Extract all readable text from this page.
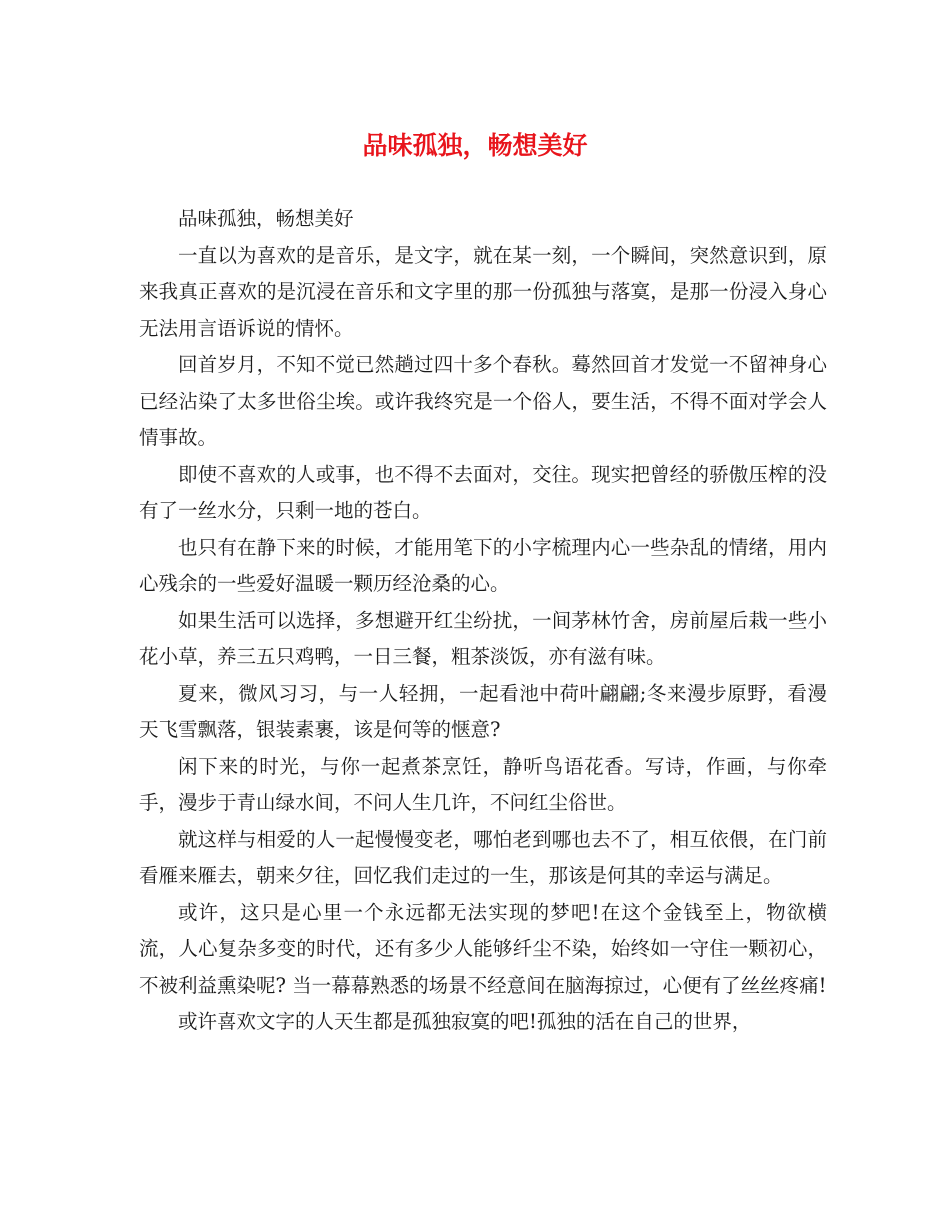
品味孤独，畅想美好

品味孤独，畅想美好

一直以为喜欢的是音乐，是文字，就在某一刻，一个瞬间，突然意识到，原来我真正喜欢的是沉浸在音乐和文字里的那一份孤独与落寞，是那一份浸入身心无法用言语诉说的情怀。

回首岁月，不知不觉已然趟过四十多个春秋。蓦然回首才发觉一不留神身心已经沾染了太多世俗尘埃。或许我终究是一个俗人，要生活，不得不面对学会人情事故。

即使不喜欢的人或事，也不得不去面对，交往。现实把曾经的骄傲压榨的没有了一丝水分，只剩一地的苍白。

也只有在静下来的时候，才能用笔下的小字梳理内心一些杂乱的情绪，用内心残余的一些爱好温暖一颗历经沧桑的心。

如果生活可以选择，多想避开红尘纷扰，一间茅林竹舍，房前屋后栽一些小花小草，养三五只鸡鸭，一日三餐，粗茶淡饭，亦有滋有味。

夏来，微风习习，与一人轻拥，一起看池中荷叶翩翩;冬来漫步原野，看漫天飞雪飘落，银装素裹，该是何等的惬意?

闲下来的时光，与你一起煮茶烹饪，静听鸟语花香。写诗，作画，与你牵手，漫步于青山绿水间，不问人生几许，不问红尘俗世。

就这样与相爱的人一起慢慢变老，哪怕老到哪也去不了，相互依偎，在门前看雁来雁去，朝来夕往，回忆我们走过的一生，那该是何其的幸运与满足。

或许，这只是心里一个永远都无法实现的梦吧!在这个金钱至上，物欲横流，人心复杂多变的时代，还有多少人能够纤尘不染，始终如一守住一颗初心，不被利益熏染呢? 当一幕幕熟悉的场景不经意间在脑海掠过，心便有了丝丝疼痛!

或许喜欢文字的人天生都是孤独寂寞的吧!孤独的活在自己的世界，
